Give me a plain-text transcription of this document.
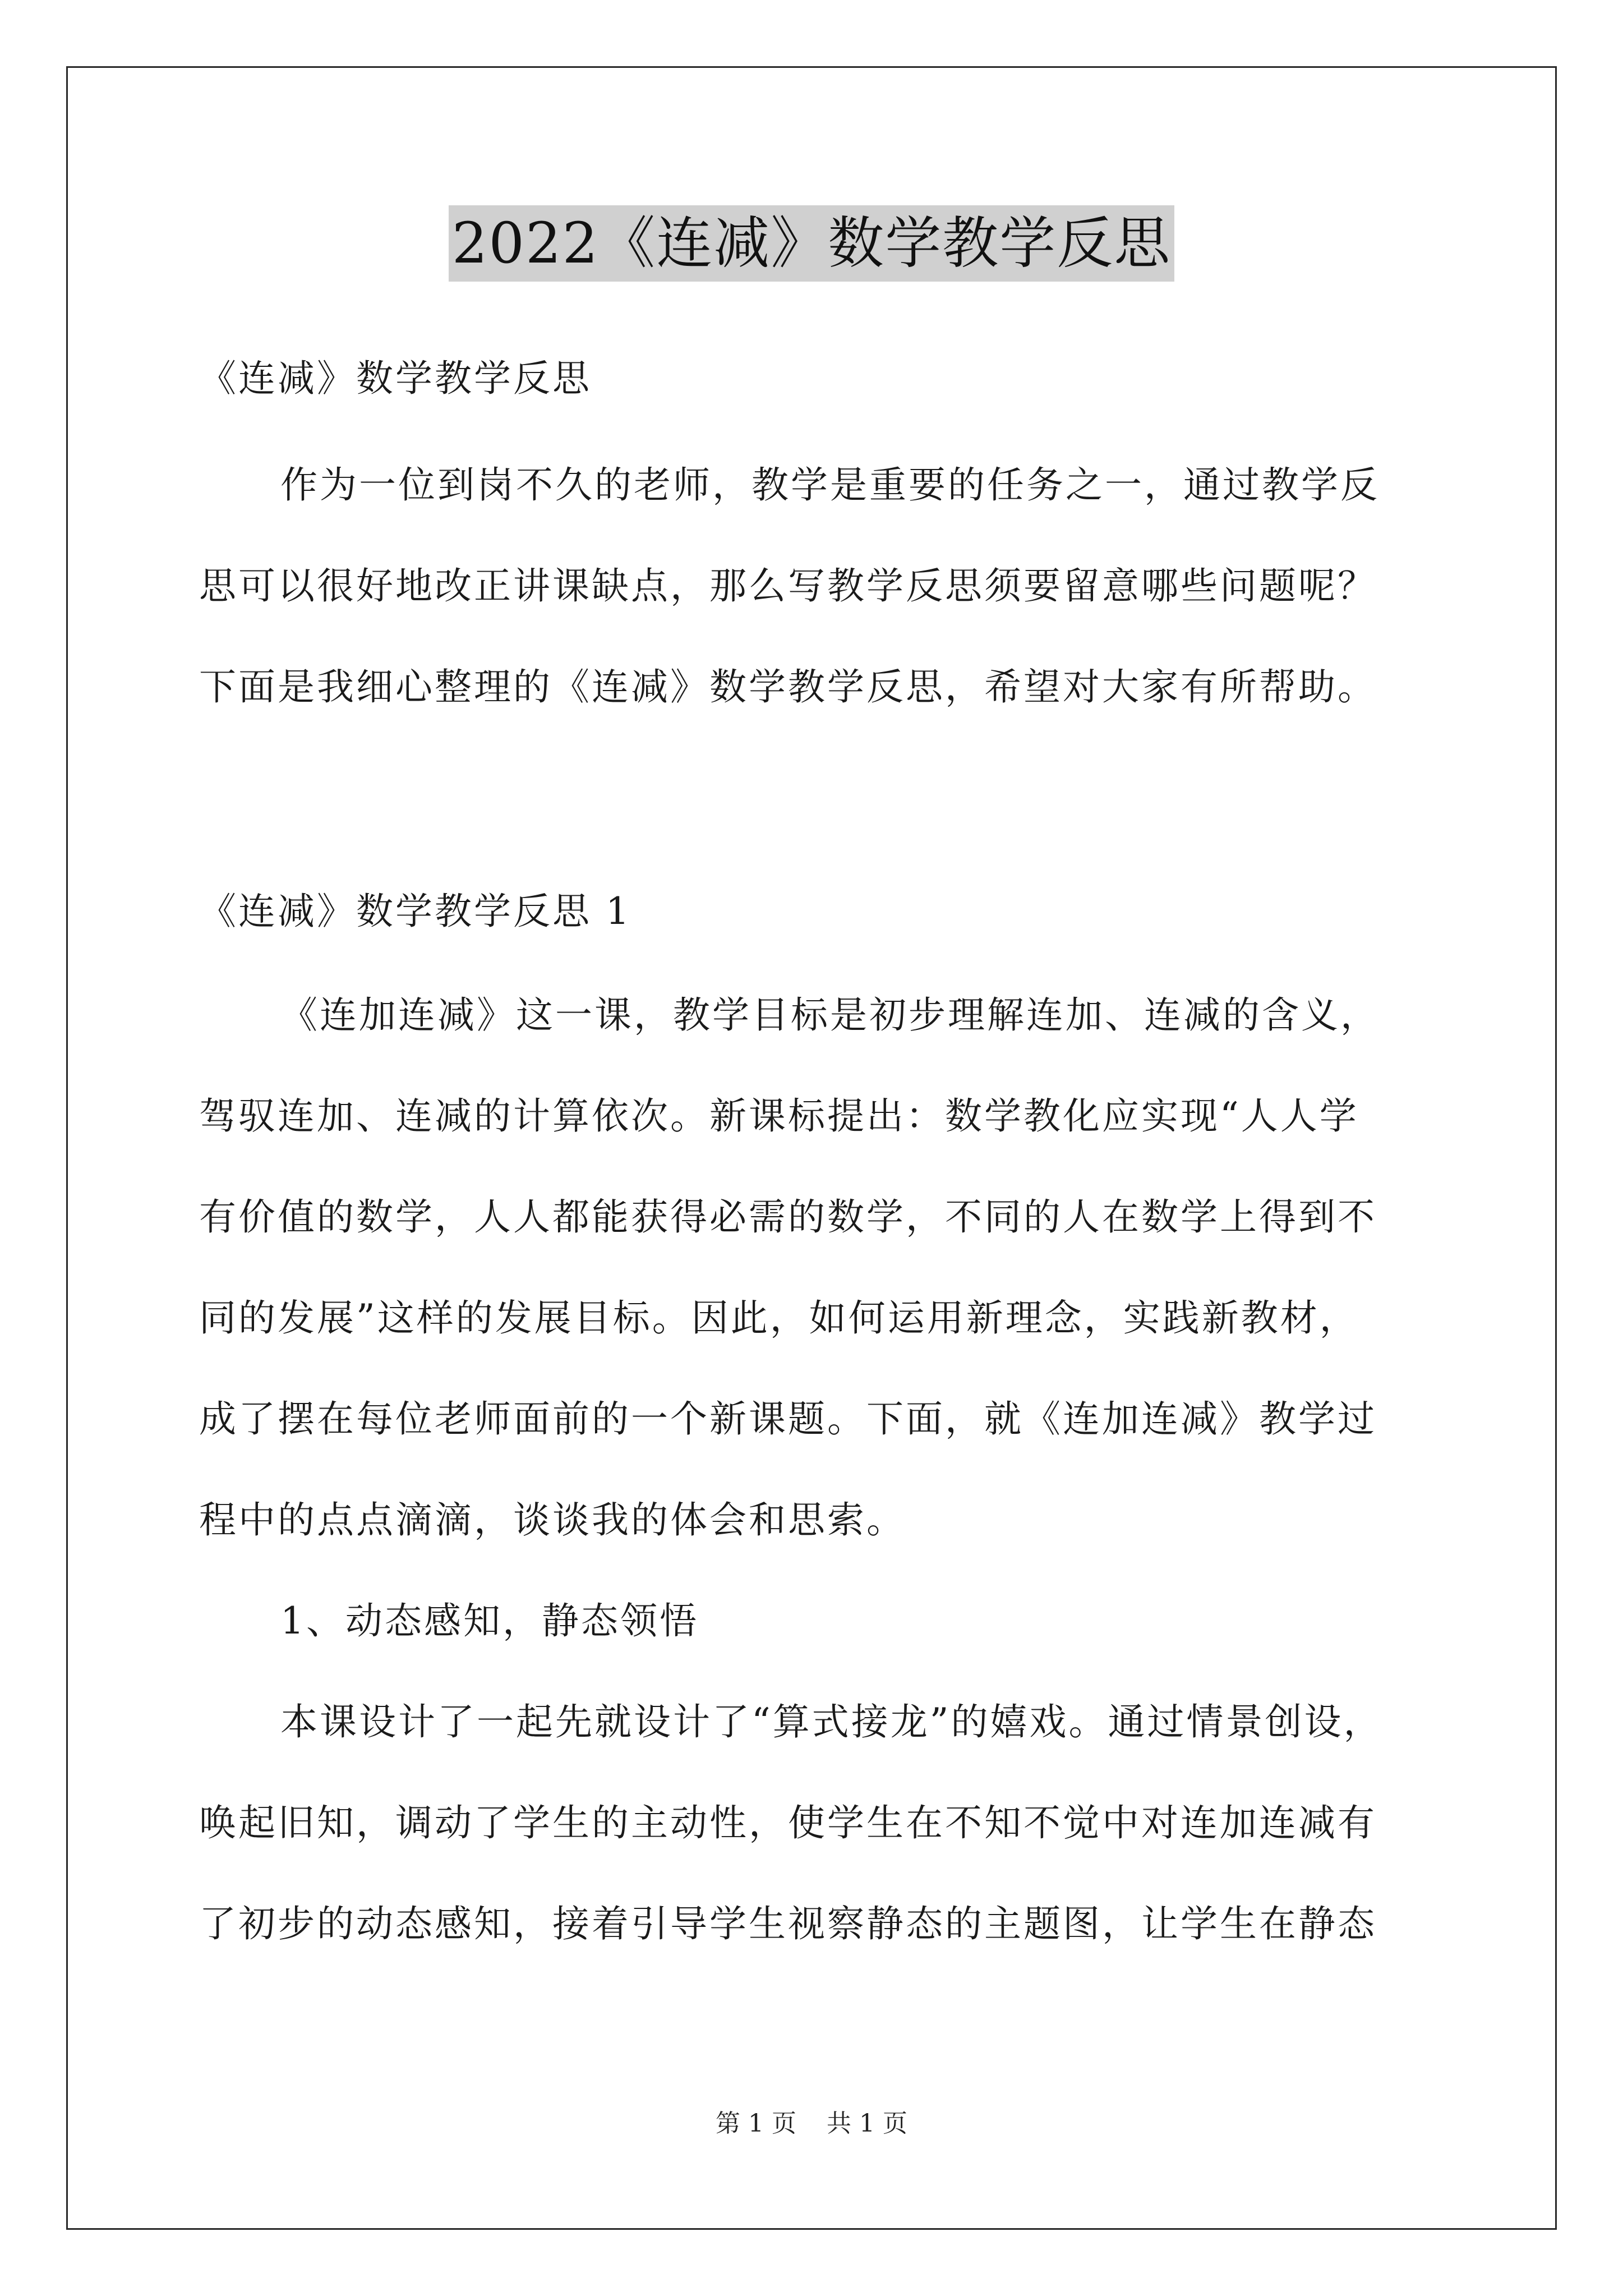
2022《连减》数学教学反思
《连减》数学教学反思
作为一位到岗不久的老师，教学是重要的任务之一，通过教学反
思可以很好地改正讲课缺点，那么写教学反思须要留意哪些问题呢？
下面是我细心整理的《连减》数学教学反思，希望对大家有所帮助。
《连减》数学教学反思 1
《连加连减》这一课，教学目标是初步理解连加、连减的含义，
驾驭连加、连减的计算依次。新课标提出：数学教化应实现“人人学
有价值的数学，人人都能获得必需的数学，不同的人在数学上得到不
同的发展”这样的发展目标。因此，如何运用新理念，实践新教材，
成了摆在每位老师面前的一个新课题。下面，就《连加连减》教学过
程中的点点滴滴，谈谈我的体会和思索。
1、动态感知，静态领悟
本课设计了一起先就设计了“算式接龙”的嬉戏。通过情景创设，
唤起旧知，调动了学生的主动性，使学生在不知不觉中对连加连减有
了初步的动态感知，接着引导学生视察静态的主题图，让学生在静态
第 1 页 共 1 页
